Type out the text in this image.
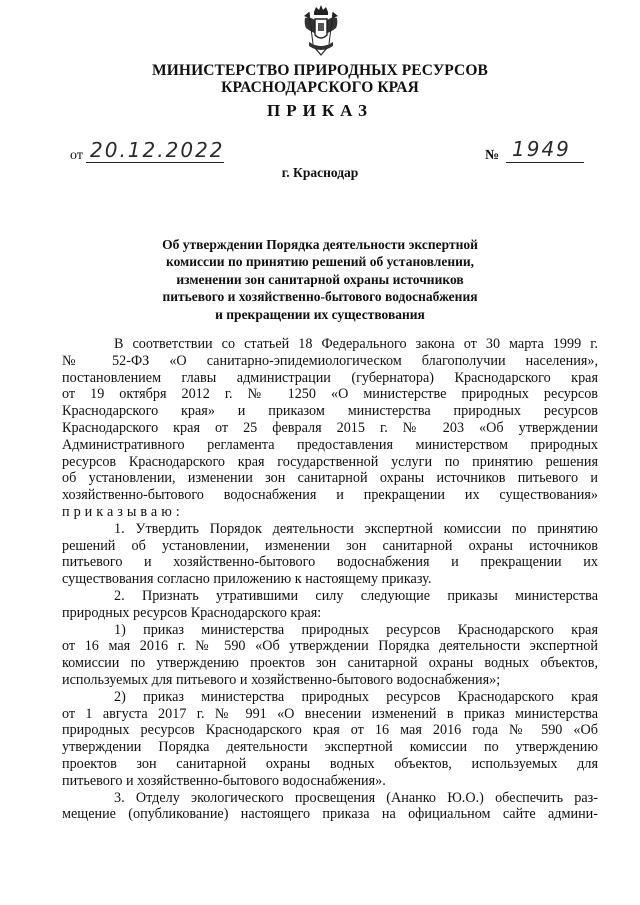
МИНИСТЕРСТВО ПРИРОДНЫХ РЕСУРСОВ
КРАСНОДАРСКОГО КРАЯ
ПРИКАЗ
от 20.12.2022	№ 1949
г. Краснодар
Об утверждении Порядка деятельности экспертной
комиссии по принятию решений об установлении,
изменении зон санитарной охраны источников
питьевого и хозяйственно-бытового водоснабжения
и прекращении их существования
В соответствии со статьей 18 Федерального закона от 30 марта 1999 г.
№ 52-ФЗ «О санитарно-эпидемиологическом благополучии населения»,
постановлением главы администрации (губернатора) Краснодарского края
от 19 октября 2012 г. № 1250 «О министерстве природных ресурсов
Краснодарского края» и приказом министерства природных ресурсов
Краснодарского края от 25 февраля 2015 г. № 203 «Об утверждении
Административного регламента предоставления министерством природных
ресурсов Краснодарского края государственной услуги по принятию решения
об установлении, изменении зон санитарной охраны источников питьевого и
хозяйственно-бытового водоснабжения и прекращении их существования»
приказываю:
1. Утвердить Порядок деятельности экспертной комиссии по принятию
решений об установлении, изменении зон санитарной охраны источников
питьевого и хозяйственно-бытового водоснабжения и прекращении их
существования согласно приложению к настоящему приказу.
2. Признать утратившими силу следующие приказы министерства
природных ресурсов Краснодарского края:
1) приказ министерства природных ресурсов Краснодарского края
от 16 мая 2016 г. № 590 «Об утверждении Порядка деятельности экспертной
комиссии по утверждению проектов зон санитарной охраны водных объектов,
используемых для питьевого и хозяйственно-бытового водоснабжения»;
2) приказ министерства природных ресурсов Краснодарского края
от 1 августа 2017 г. № 991 «О внесении изменений в приказ министерства
природных ресурсов Краснодарского края от 16 мая 2016 года № 590 «Об
утверждении Порядка деятельности экспертной комиссии по утверждению
проектов зон санитарной охраны водных объектов, используемых для
питьевого и хозяйственно-бытового водоснабжения».
3. Отделу экологического просвещения (Ананко Ю.О.) обеспечить раз-
мещение (опубликование) настоящего приказа на официальном сайте админи-
